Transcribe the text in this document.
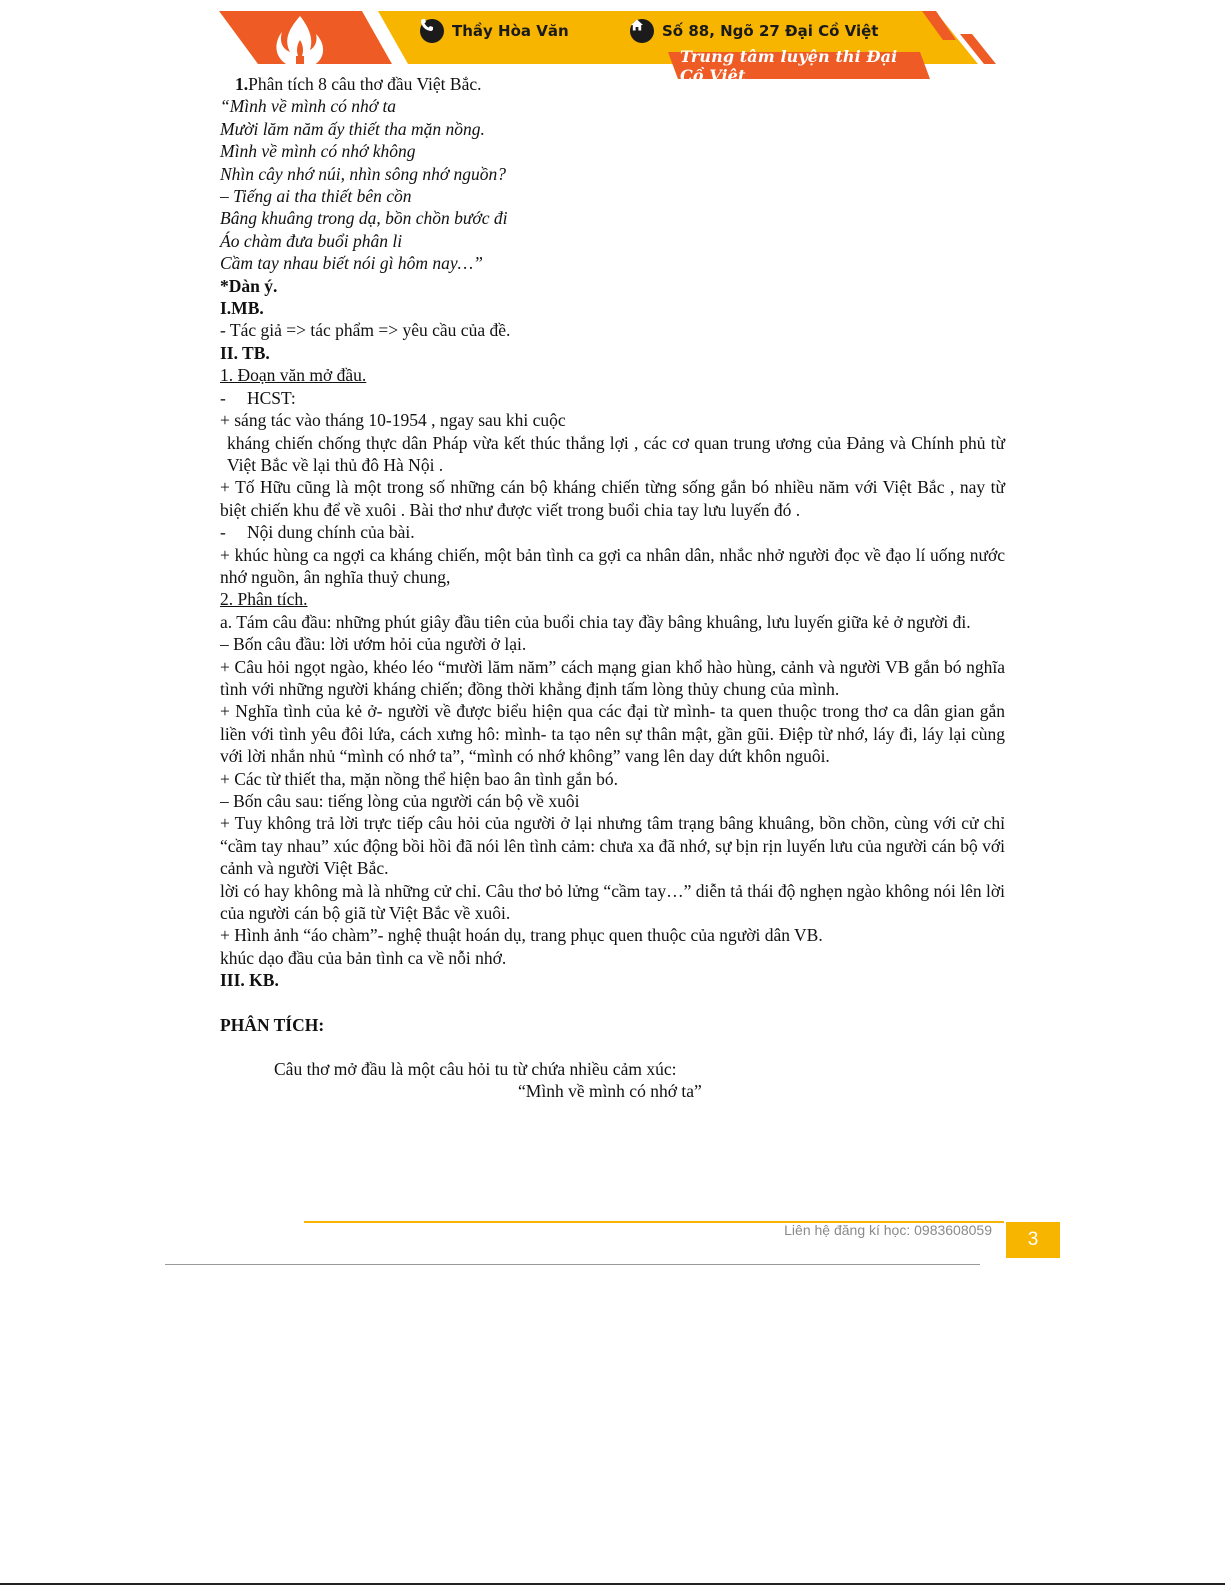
Thầy Hòa Văn	Số 88, Ngõ 27 Đại Cồ Việt
Trung tâm luyện thi Đại Cồ Việt

1.Phân tích 8 câu thơ đầu Việt Bắc.

“Mình về mình có nhớ ta

Mười lăm năm ấy thiết tha mặn nồng.

Mình về mình có nhớ không

Nhìn cây nhớ núi, nhìn sông nhớ nguồn?

– Tiếng ai tha thiết bên cồn

Bâng khuâng trong dạ, bồn chồn bước đi

Áo chàm đưa buổi phân li

Cầm tay nhau biết nói gì hôm nay…”

*Dàn ý.

I.MB.

- Tác giả => tác phẩm => yêu cầu của đề.

II. TB.

1. Đoạn văn mở đầu.

-	HCST:

+ sáng tác vào tháng 10-1954 , ngay sau khi cuộc

kháng chiến chống thực dân Pháp vừa kết thúc thắng lợi , các cơ quan trung ương của Đảng và Chính phủ từ Việt Bắc về lại thủ đô Hà Nội .

+ Tố Hữu cũng là một trong số những cán bộ kháng chiến từng sống gắn bó nhiều năm với Việt Bắc , nay từ biệt chiến khu để về xuôi . Bài thơ như được viết trong buổi chia tay lưu luyến đó .

-	Nội dung chính của bài.

+ khúc hùng ca ngợi ca kháng chiến, một bản tình ca gợi ca nhân dân, nhắc nhở người đọc về đạo lí uống nước nhớ nguồn, ân nghĩa thuỷ chung,

2. Phân tích.

a. Tám câu đầu: những phút giây đầu tiên của buổi chia tay đầy bâng khuâng, lưu luyến giữa kẻ ở người đi.

– Bốn câu đầu: lời ướm hỏi của người ở lại.

+ Câu hỏi ngọt ngào, khéo léo “mười lăm năm” cách mạng gian khổ hào hùng, cảnh và người VB gắn bó nghĩa tình với những người kháng chiến; đồng thời khẳng định tấm lòng thủy chung của mình.

+ Nghĩa tình của kẻ ở- người về được biểu hiện qua các đại từ mình- ta quen thuộc trong thơ ca dân gian gắn liền với tình yêu đôi lứa, cách xưng hô: mình- ta tạo nên sự thân mật, gần gũi. Điệp từ nhớ, láy đi, láy lại cùng với lời nhắn nhủ “mình có nhớ ta”, “mình có nhớ không” vang lên day dứt khôn nguôi.

+ Các từ thiết tha, mặn nồng thể hiện bao ân tình gắn bó.

– Bốn câu sau: tiếng lòng của người cán bộ về xuôi

+ Tuy không trả lời trực tiếp câu hỏi của người ở lại nhưng tâm trạng bâng khuâng, bồn chồn, cùng với cử chỉ “cầm tay nhau” xúc động bồi hồi đã nói lên tình cảm: chưa xa đã nhớ, sự bịn rịn luyến lưu của người cán bộ với cảnh và người Việt Bắc.

lời có hay không mà là những cử chỉ. Câu thơ bỏ lửng “cầm tay…” diễn tả thái độ nghẹn ngào không nói lên lời của người cán bộ giã từ Việt Bắc về xuôi.

+ Hình ảnh “áo chàm”- nghệ thuật hoán dụ, trang phục quen thuộc của người dân VB.

khúc dạo đầu của bản tình ca về nỗi nhớ.

III. KB.

PHÂN TÍCH:

Câu thơ mở đầu là một câu hỏi tu từ chứa nhiều cảm xúc:

“Mình về mình có nhớ ta”

Liên hệ đăng kí học: 0983608059	3
